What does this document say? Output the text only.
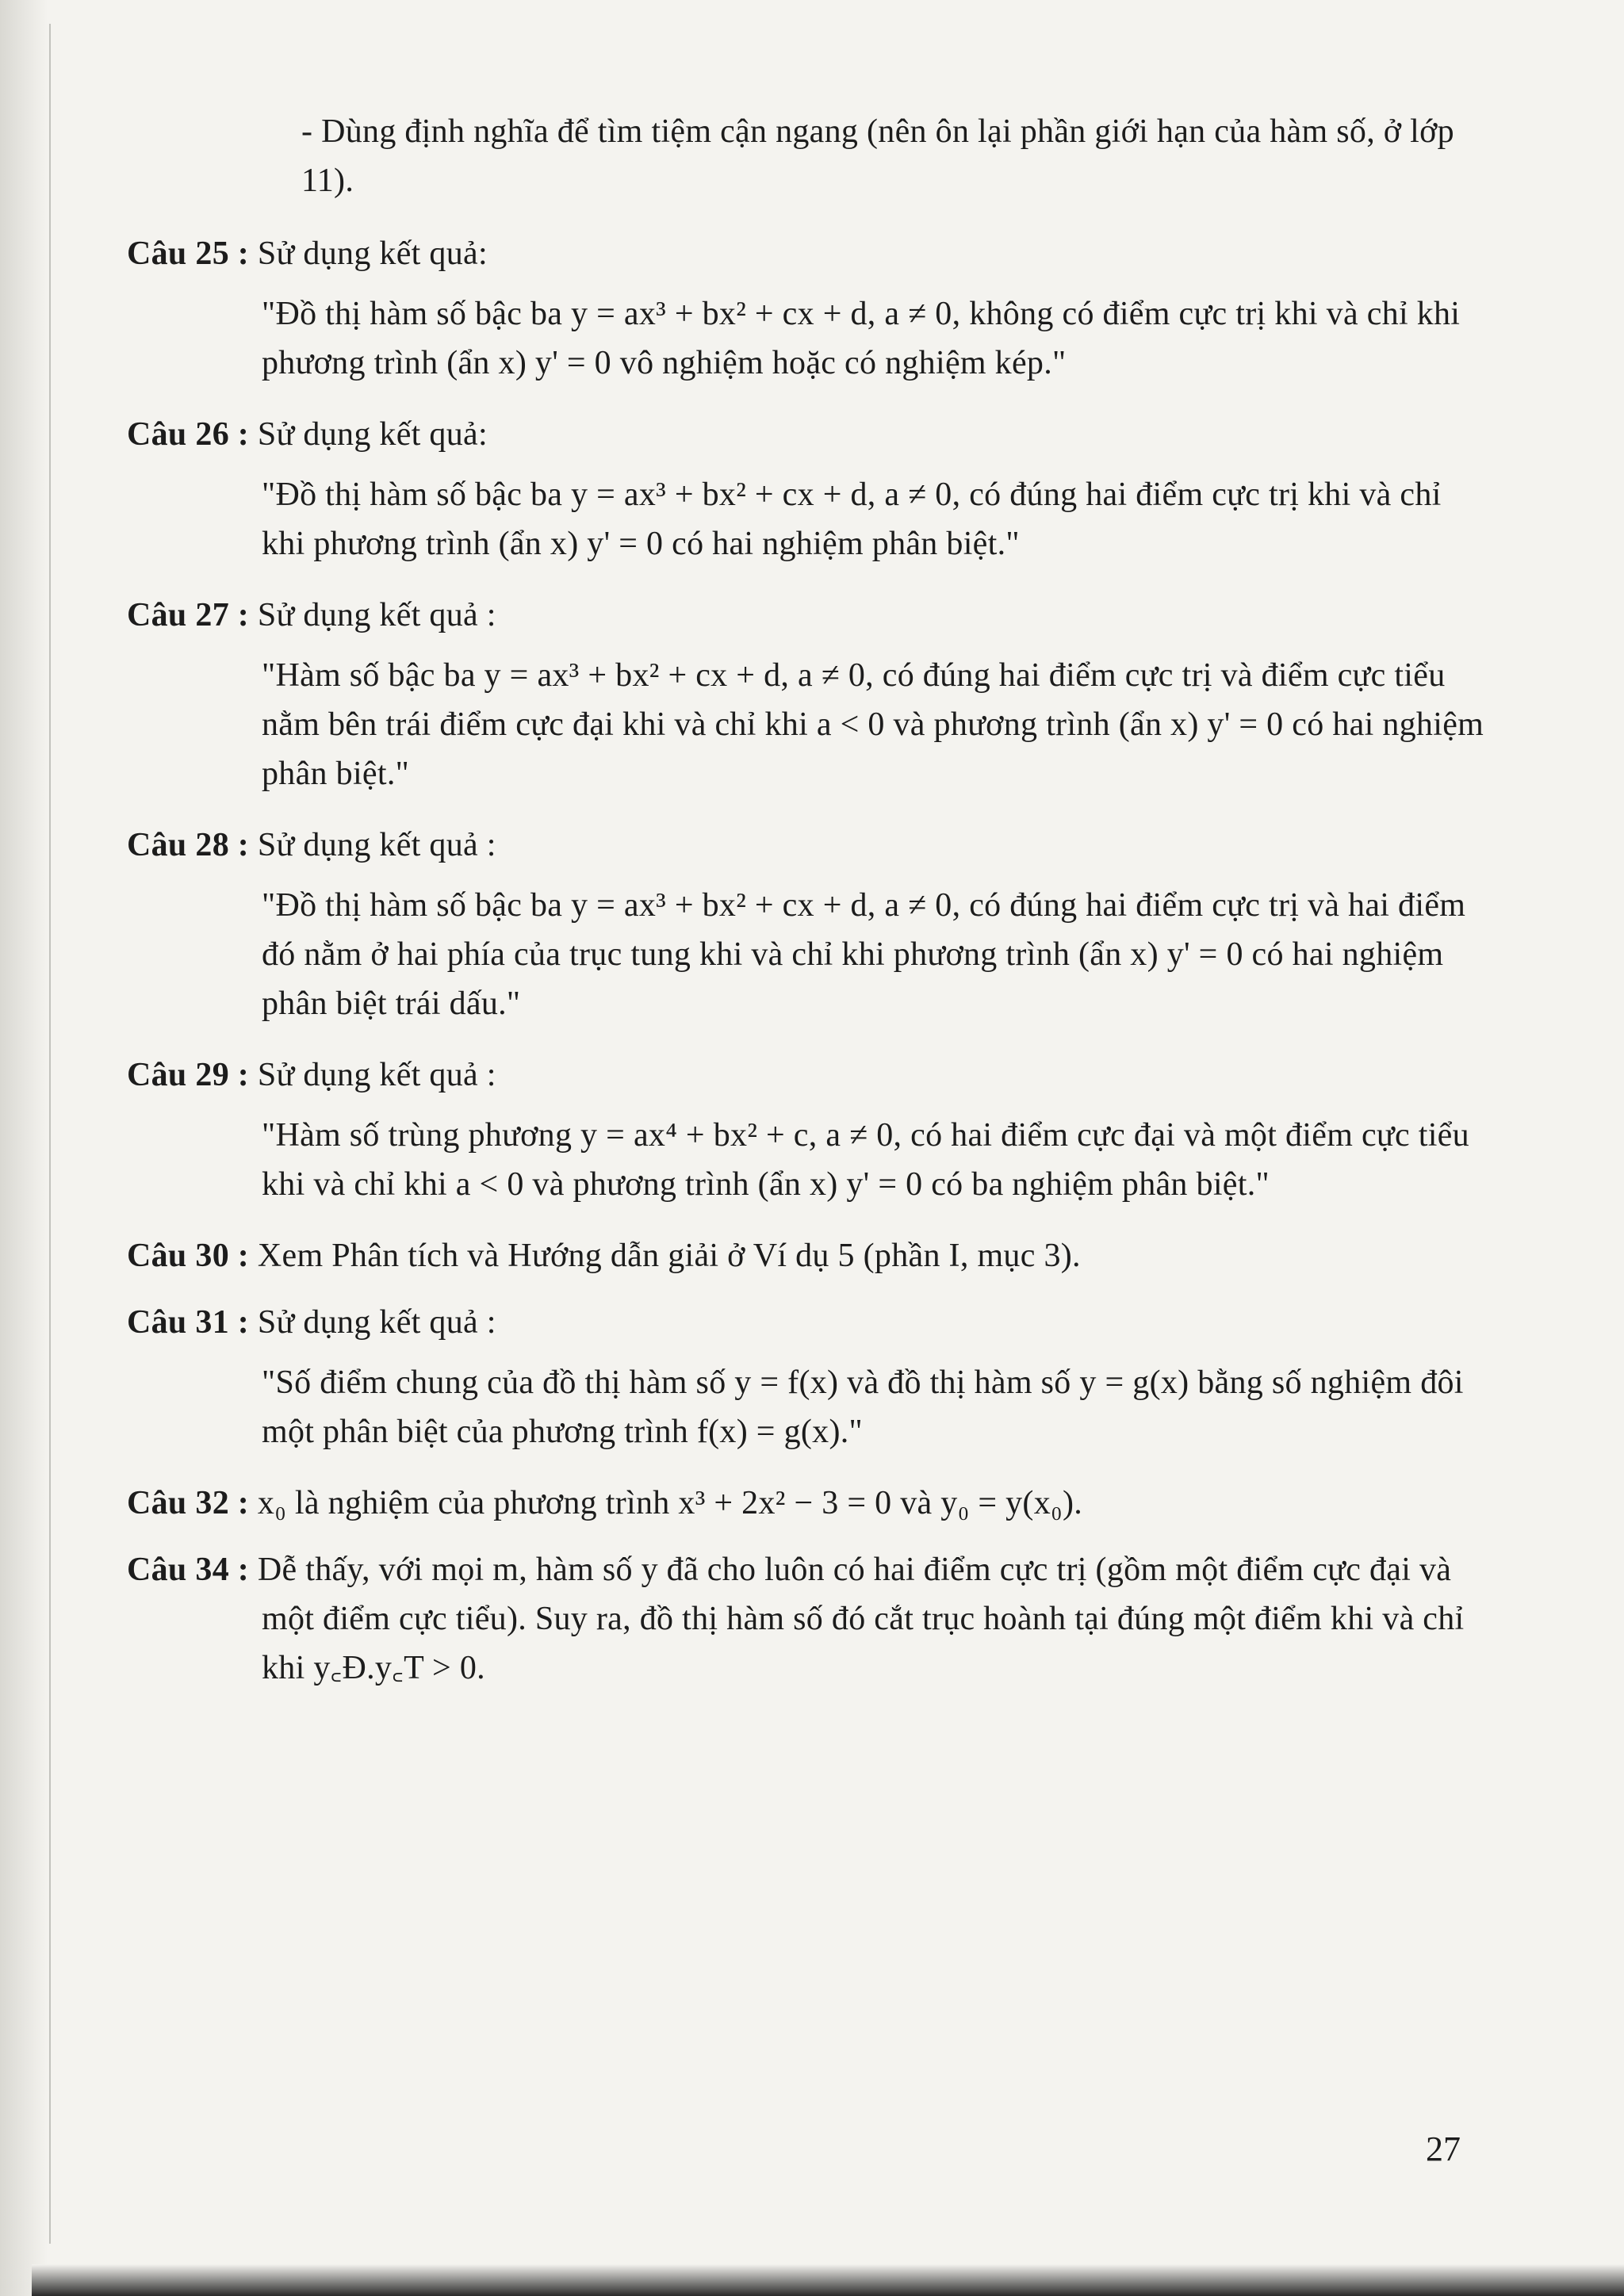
- Dùng định nghĩa để tìm tiệm cận ngang (nên ôn lại phần giới hạn của hàm số, ở lớp 11).
Câu 25 : Sử dụng kết quả:
"Đồ thị hàm số bậc ba y = ax³ + bx² + cx + d, a ≠ 0, không có điểm cực trị khi và chỉ khi phương trình (ẩn x) y' = 0 vô nghiệm hoặc có nghiệm kép."
Câu 26 : Sử dụng kết quả:
"Đồ thị hàm số bậc ba y = ax³ + bx² + cx + d, a ≠ 0, có đúng hai điểm cực trị khi và chỉ khi phương trình (ẩn x) y' = 0 có hai nghiệm phân biệt."
Câu 27 : Sử dụng kết quả :
"Hàm số bậc ba y = ax³ + bx² + cx + d, a ≠ 0, có đúng hai điểm cực trị và điểm cực tiểu nằm bên trái điểm cực đại khi và chỉ khi a < 0 và phương trình (ẩn x) y' = 0 có hai nghiệm phân biệt."
Câu 28 : Sử dụng kết quả :
"Đồ thị hàm số bậc ba y = ax³ + bx² + cx + d, a ≠ 0, có đúng hai điểm cực trị và hai điểm đó nằm ở hai phía của trục tung khi và chỉ khi phương trình (ẩn x) y' = 0 có hai nghiệm phân biệt trái dấu."
Câu 29 : Sử dụng kết quả :
"Hàm số trùng phương y = ax⁴ + bx² + c, a ≠ 0, có hai điểm cực đại và một điểm cực tiểu khi và chỉ khi a < 0 và phương trình (ẩn x) y' = 0 có ba nghiệm phân biệt."
Câu 30 : Xem Phân tích và Hướng dẫn giải ở Ví dụ 5 (phần I, mục 3).
Câu 31 : Sử dụng kết quả :
"Số điểm chung của đồ thị hàm số y = f(x) và đồ thị hàm số y = g(x) bằng số nghiệm đôi một phân biệt của phương trình f(x) = g(x)."
Câu 32 : x₀ là nghiệm của phương trình x³ + 2x² − 3 = 0 và y₀ = y(x₀).
Câu 34 : Dễ thấy, với mọi m, hàm số y đã cho luôn có hai điểm cực trị (gồm một điểm cực đại và một điểm cực tiểu). Suy ra, đồ thị hàm số đó cắt trục hoành tại đúng một điểm khi và chỉ khi y꜀Đ.y꜀T > 0.
27
